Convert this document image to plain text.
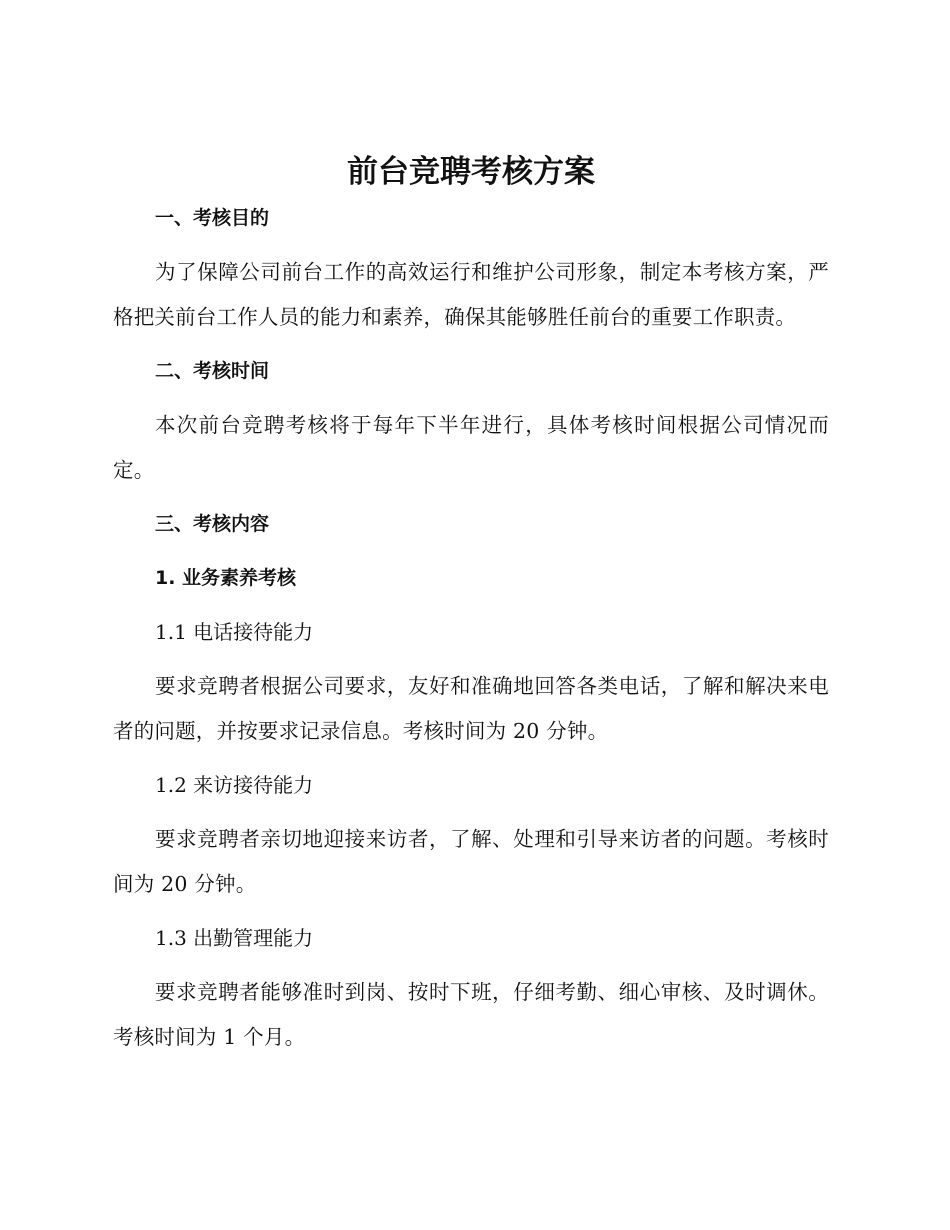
前台竞聘考核方案
一、考核目的

为了保障公司前台工作的高效运行和维护公司形象，制定本考核方案，严格把关前台工作人员的能力和素养，确保其能够胜任前台的重要工作职责。

二、考核时间

本次前台竞聘考核将于每年下半年进行，具体考核时间根据公司情况而定。

三、考核内容
1. 业务素养考核
1.1 电话接待能力

要求竞聘者根据公司要求，友好和准确地回答各类电话，了解和解决来电者的问题，并按要求记录信息。考核时间为 20 分钟。

1.2 来访接待能力

要求竞聘者亲切地迎接来访者，了解、处理和引导来访者的问题。考核时间为 20 分钟。

1.3 出勤管理能力

要求竞聘者能够准时到岗、按时下班，仔细考勤、细心审核、及时调休。考核时间为 1 个月。
